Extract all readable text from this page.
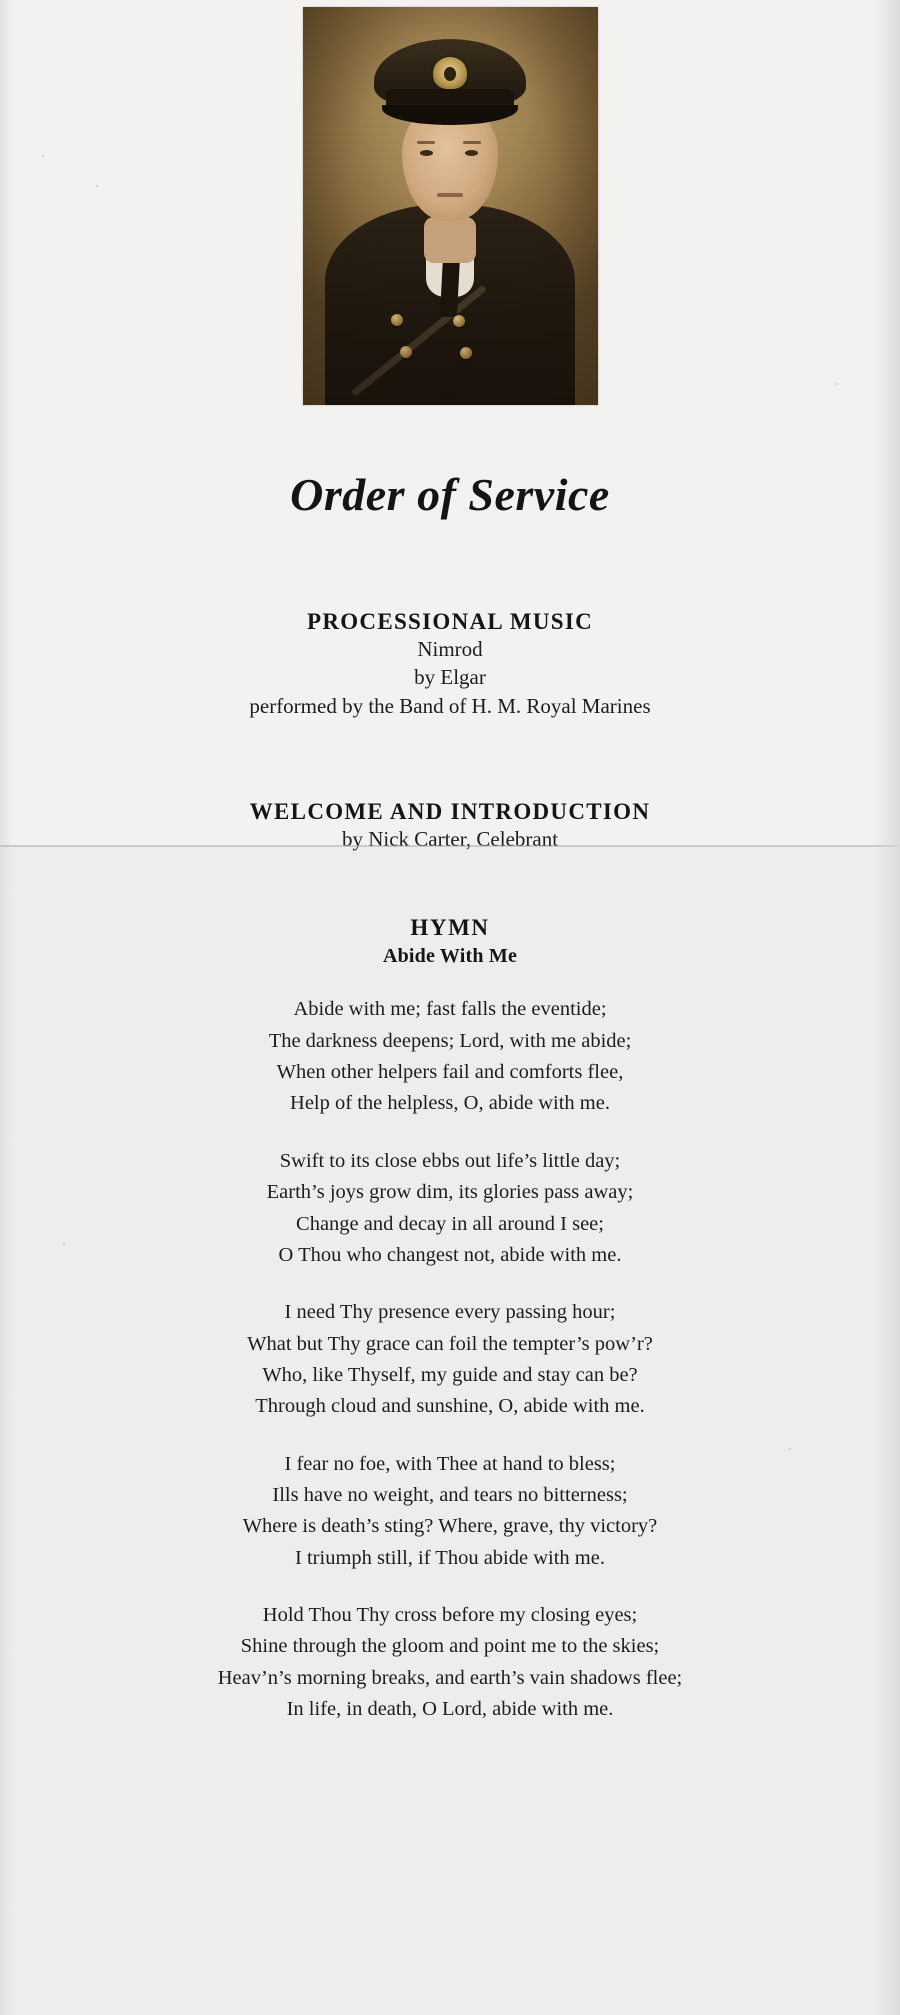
Order of Service

PROCESSIONAL MUSIC

Nimrod

by Elgar

performed by the Band of H. M. Royal Marines

WELCOME AND INTRODUCTION

by Nick Carter, Celebrant

HYMN

Abide With Me

Abide with me; fast falls the eventide;
The darkness deepens; Lord, with me abide;
When other helpers fail and comforts flee,
Help of the helpless, O, abide with me.

Swift to its close ebbs out life’s little day;
Earth’s joys grow dim, its glories pass away;
Change and decay in all around I see;
O Thou who changest not, abide with me.

I need Thy presence every passing hour;
What but Thy grace can foil the tempter’s pow’r?
Who, like Thyself, my guide and stay can be?
Through cloud and sunshine, O, abide with me.

I fear no foe, with Thee at hand to bless;
Ills have no weight, and tears no bitterness;
Where is death’s sting? Where, grave, thy victory?
I triumph still, if Thou abide with me.

Hold Thou Thy cross before my closing eyes;
Shine through the gloom and point me to the skies;
Heav’n’s morning breaks, and earth’s vain shadows flee;
In life, in death, O Lord, abide with me.
